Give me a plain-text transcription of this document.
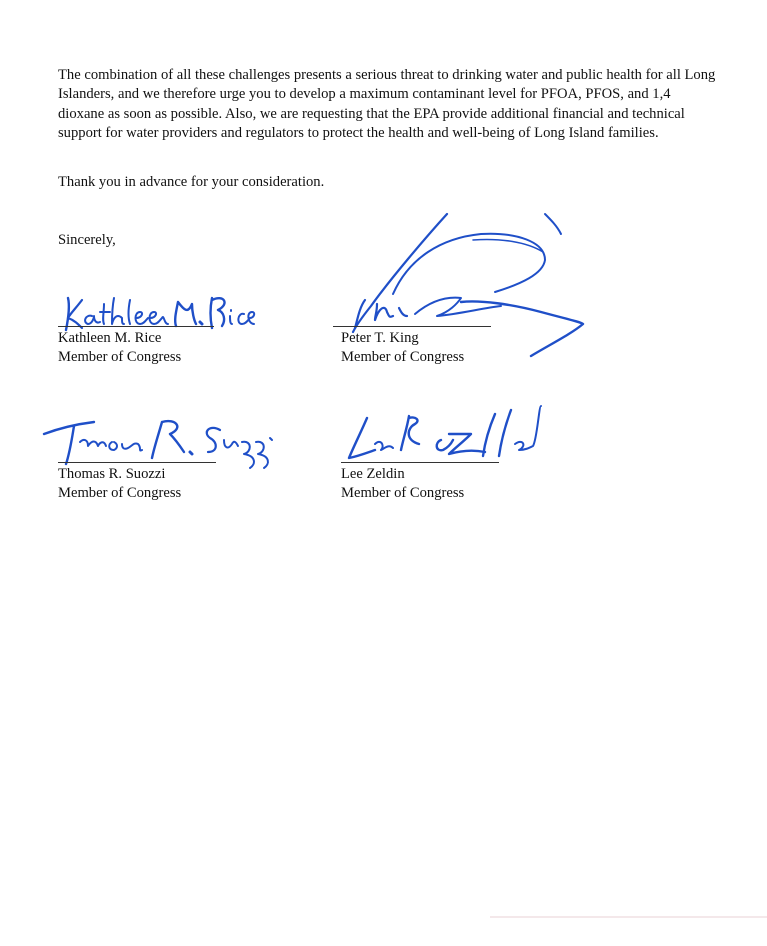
The combination of all these challenges presents a serious threat to drinking water and public health for all Long Islanders, and we therefore urge you to develop a maximum contaminant level for PFOA, PFOS, and 1,4 dioxane as soon as possible. Also, we are requesting that the EPA provide additional financial and technical support for water providers and regulators to protect the health and well-being of Long Island families.

Thank you in advance for your consideration.

Sincerely,

Kathleen M. Rice
Member of Congress
Peter T. King
Member of Congress
Thomas R. Suozzi
Member of Congress
Lee Zeldin
Member of Congress
